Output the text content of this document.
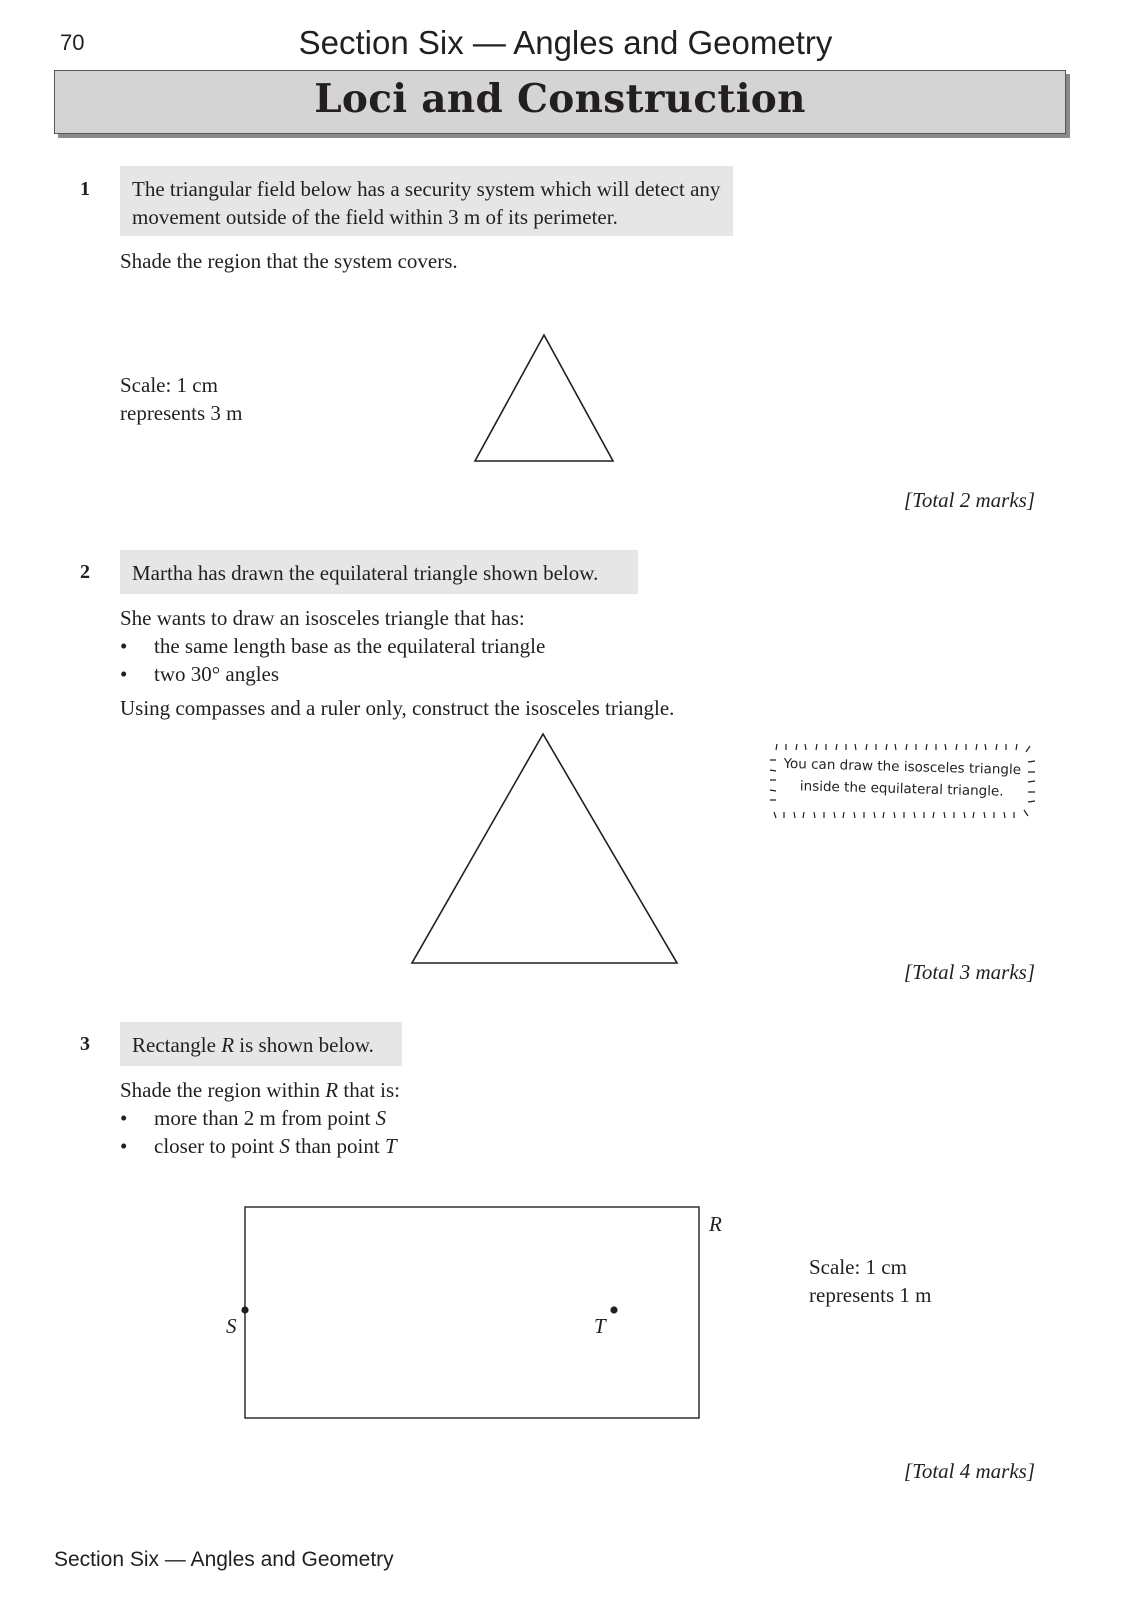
70	Section Six — Angles and Geometry
Loci and Construction
1	The triangular field below has a security system which will detect any movement outside of the field within 3 m of its perimeter.
Shade the region that the system covers.
Scale: 1 cm
represents 3 m
[Total 2 marks]
2	Martha has drawn the equilateral triangle shown below.
She wants to draw an isosceles triangle that has:
• the same length base as the equilateral triangle
• two 30° angles
Using compasses and a ruler only, construct the isosceles triangle.
You can draw the isosceles triangle
inside the equilateral triangle.
[Total 3 marks]
3	Rectangle R is shown below.
Shade the region within R that is:
• more than 2 m from point S
• closer to point S than point T
R
S	T
Scale: 1 cm
represents 1 m
[Total 4 marks]
Section Six — Angles and Geometry
